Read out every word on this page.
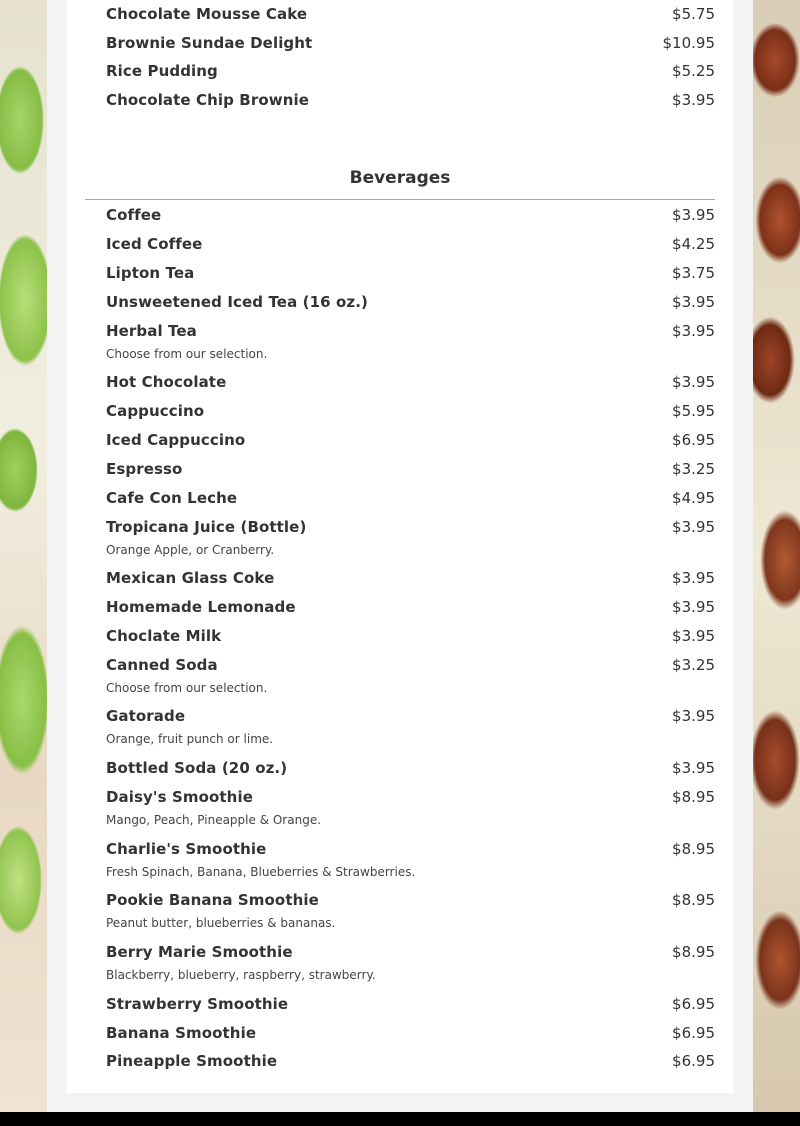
Chocolate Mousse Cake	$5.75
Brownie Sundae Delight	$10.95
Rice Pudding	$5.25
Chocolate Chip Brownie	$3.95
Beverages
Coffee	$3.95
Iced Coffee	$4.25
Lipton Tea	$3.75
Unsweetened Iced Tea (16 oz.)	$3.95
Herbal Tea	$3.95
Choose from our selection.
Hot Chocolate	$3.95
Cappuccino	$5.95
Iced Cappuccino	$6.95
Espresso	$3.25
Cafe Con Leche	$4.95
Tropicana Juice (Bottle)	$3.95
Orange Apple, or Cranberry.
Mexican Glass Coke	$3.95
Homemade Lemonade	$3.95
Choclate Milk	$3.95
Canned Soda	$3.25
Choose from our selection.
Gatorade	$3.95
Orange, fruit punch or lime.
Bottled Soda (20 oz.)	$3.95
Daisy's Smoothie	$8.95
Mango, Peach, Pineapple & Orange.
Charlie's Smoothie	$8.95
Fresh Spinach, Banana, Blueberries & Strawberries.
Pookie Banana Smoothie	$8.95
Peanut butter, blueberries & bananas.
Berry Marie Smoothie	$8.95
Blackberry, blueberry, raspberry, strawberry.
Strawberry Smoothie	$6.95
Banana Smoothie	$6.95
Pineapple Smoothie	$6.95
